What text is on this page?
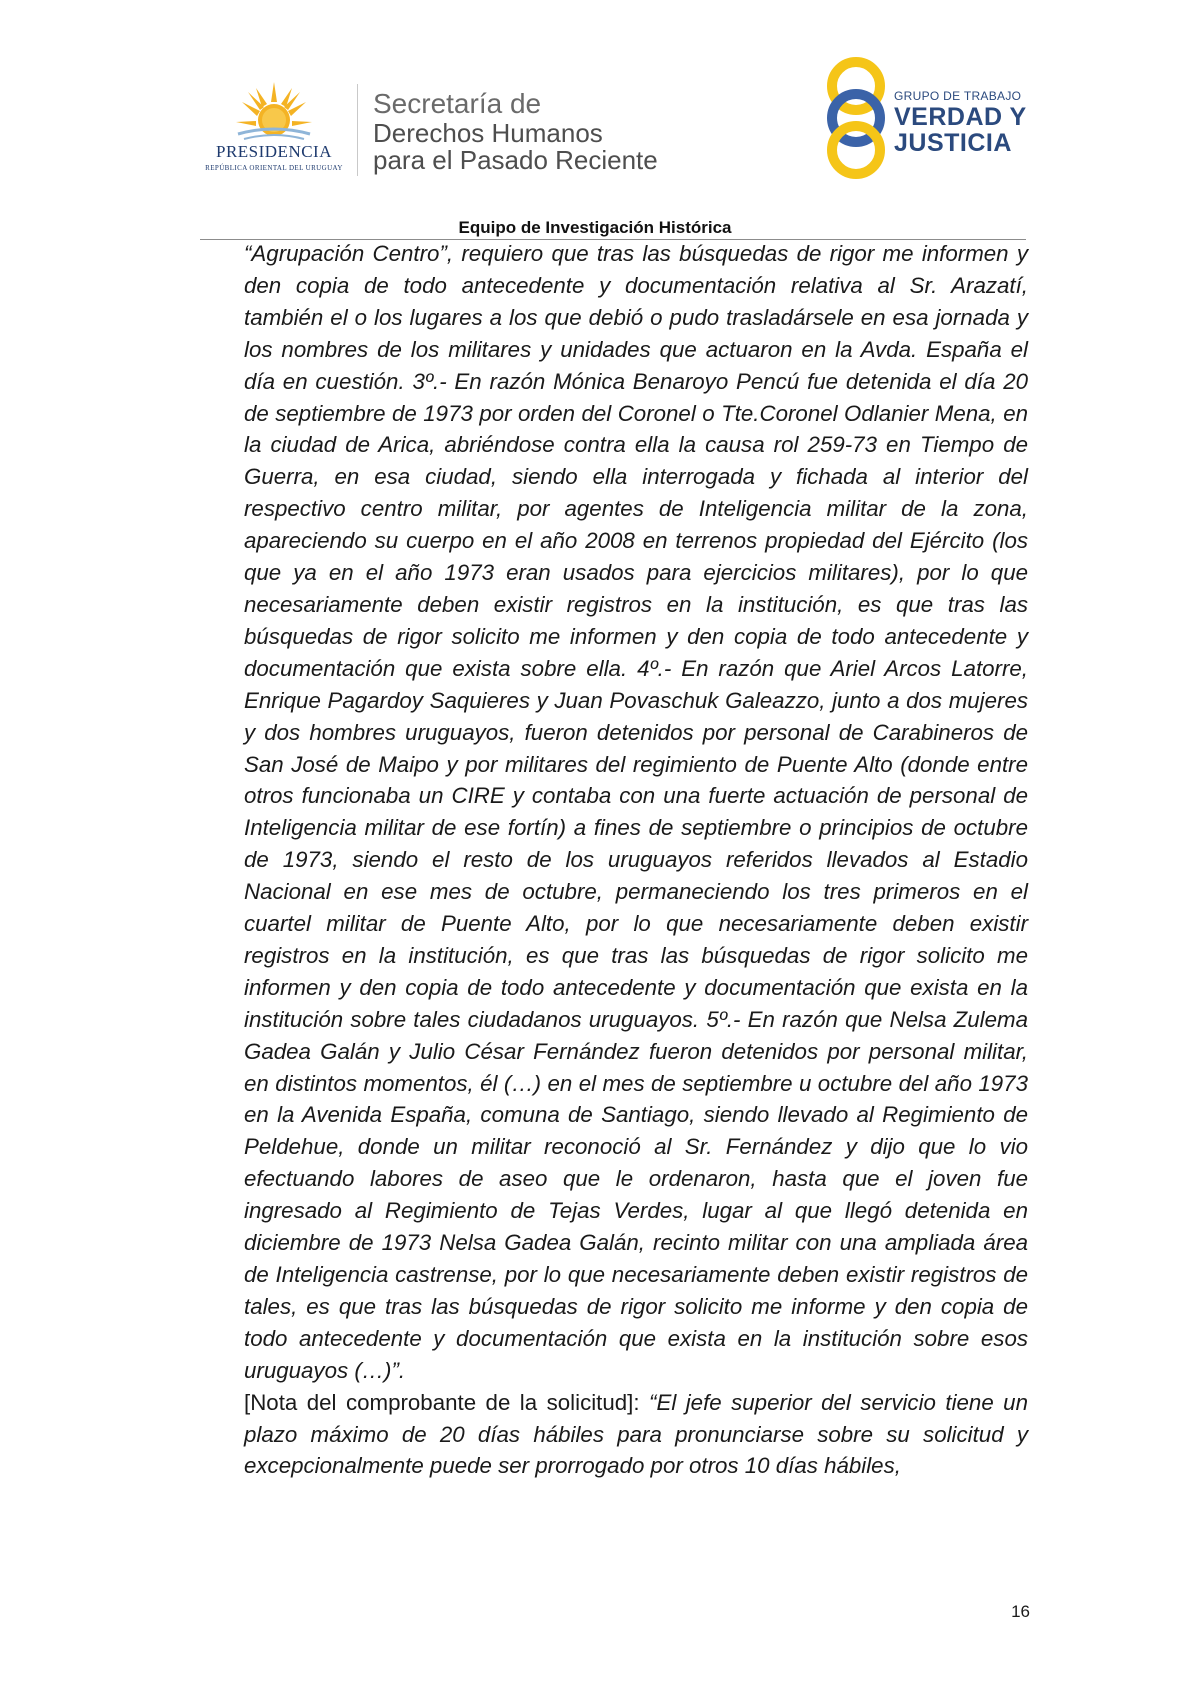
PRESIDENCIA
REPÚBLICA ORIENTAL DEL URUGUAY
Secretaría de
Derechos Humanos
para el Pasado Reciente
GRUPO DE TRABAJO
VERDAD Y
JUSTICIA
Equipo de Investigación Histórica

“Agrupación Centro”, requiero que tras las búsquedas de rigor me informen y den copia de todo antecedente y documentación relativa al Sr. Arazatí, también el o los lugares a los que debió o pudo trasladársele en esa jornada y los nombres de los militares y unidades que actuaron en la Avda. España el día en cuestión. 3º.- En razón Mónica Benaroyo Pencú fue detenida el día 20 de septiembre de 1973 por orden del Coronel o Tte.Coronel Odlanier Mena, en la ciudad de Arica, abriéndose contra ella la causa rol 259-73 en Tiempo de Guerra, en esa ciudad, siendo ella interrogada y fichada al interior del respectivo centro militar, por agentes de Inteligencia militar de la zona, apareciendo su cuerpo en el año 2008 en terrenos propiedad del Ejército (los que ya en el año 1973 eran usados para ejercicios militares), por lo que necesariamente deben existir registros en la institución, es que tras las búsquedas de rigor solicito me informen y den copia de todo antecedente y documentación que exista sobre ella. 4º.- En razón que Ariel Arcos Latorre, Enrique Pagardoy Saquieres y Juan Povaschuk Galeazzo, junto a dos mujeres y dos hombres uruguayos, fueron detenidos por personal de Carabineros de San José de Maipo y por militares del regimiento de Puente Alto (donde entre otros funcionaba un CIRE y contaba con una fuerte actuación de personal de Inteligencia militar de ese fortín) a fines de septiembre o principios de octubre de 1973, siendo el resto de los uruguayos referidos llevados al Estadio Nacional en ese mes de octubre, permaneciendo los tres primeros en el cuartel militar de Puente Alto, por lo que necesariamente deben existir registros en la institución, es que tras las búsquedas de rigor solicito me informen y den copia de todo antecedente y documentación que exista en la institución sobre tales ciudadanos uruguayos. 5º.- En razón que Nelsa Zulema Gadea Galán y Julio César Fernández fueron detenidos por personal militar, en distintos momentos, él (…) en el mes de septiembre u octubre del año 1973 en la Avenida España, comuna de Santiago, siendo llevado al Regimiento de Peldehue, donde un militar reconoció al Sr. Fernández y dijo que lo vio efectuando labores de aseo que le ordenaron, hasta que el joven fue ingresado al Regimiento de Tejas Verdes, lugar al que llegó detenida en diciembre de 1973 Nelsa Gadea Galán, recinto militar con una ampliada área de Inteligencia castrense, por lo que necesariamente deben existir registros de tales, es que tras las búsquedas de rigor solicito me informe y den copia de todo antecedente y documentación que exista en la institución sobre esos uruguayos (…)”.

[Nota del comprobante de la solicitud]: “El jefe superior del servicio tiene un plazo máximo de 20 días hábiles para pronunciarse sobre su solicitud y excepcionalmente puede ser prorrogado por otros 10 días hábiles,

16
